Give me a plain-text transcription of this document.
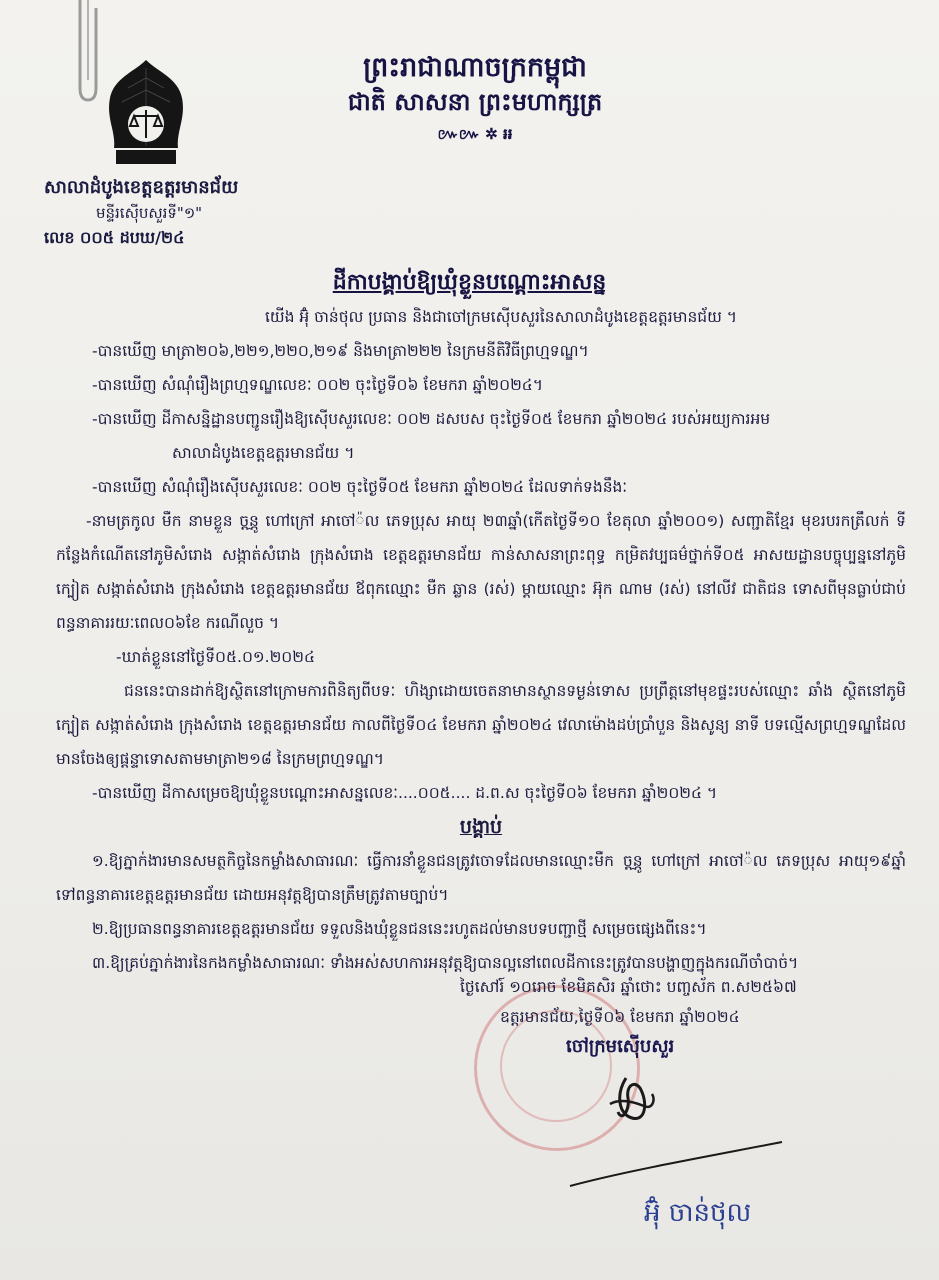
ព្រះរាជាណាចក្រកម្ពុជា
ជាតិ សាសនា ព្រះមហាក្សត្រ
៚៚ ✲ ៛៛
សាលាដំបូងខេត្តឧត្តរមានជ័យ
មន្ទីរស៊ើបសួរទី"១"
លេខ ០០៥ ដបឃ/២៤
ដីកាបង្គាប់ឱ្យឃុំខ្លួនបណ្ដោះអាសន្ន

យើង អ៊ុំ ចាន់ថុល ប្រធាន និងជាចៅក្រមស៊ើបសួរនៃសាលាដំបូងខេត្តឧត្តរមានជ័យ ។

-បានឃើញ មាត្រា២០៦,២២១,២២០,២១៩ និងមាត្រា២២២ នៃក្រមនីតិវិធីព្រហ្មទណ្ឌ។

-បានឃើញ សំណុំរឿងព្រហ្មទណ្ឌលេខៈ ០០២ ចុះថ្ងៃទី០៦ ខែមករា ឆ្នាំ២០២៤។

-បានឃើញ ដីកាសន្និដ្ឋានបញ្ជូនរឿងឱ្យស៊ើបសួរលេខៈ ០០២ ដសបស ចុះថ្ងៃទី០៥ ខែមករា ឆ្នាំ២០២៤ របស់អយ្យការអម

សាលាដំបូងខេត្តឧត្តរមានជ័យ ។

-បានឃើញ សំណុំរឿងស៊ើបសួរលេខៈ ០០២ ចុះថ្ងៃទី០៥ ខែមករា ឆ្នាំ២០២៤ ដែលទាក់ទងនឹងៈ

-នាមត្រកូល មឺក នាមខ្លួន ចន្ណូ ហៅក្រៅ អាចៅ៉ល ភេទប្រុស អាយុ ២៣ឆ្នាំ(កើតថ្ងៃទី១០ ខែតុលា ឆ្នាំ២០០១) សញ្ជាតិខ្មែរ មុខរបរកត្រឹលក់ ទីកន្លែងកំណើតនៅភូមិសំរោង សង្កាត់សំរោង ក្រុងសំរោង ខេត្តឧត្តរមានជ័យ កាន់សាសនាព្រះពុទ្ធ កម្រិតវប្បធម៌ថ្នាក់ទី០៥ អាសយដ្ឋានបច្ចុប្បន្ននៅភូមិក្បៀត សង្កាត់សំរោង ក្រុងសំរោង ខេត្តឧត្តរមានជ័យ ឪពុកឈ្មោះ មឺក ឆ្លាន (រស់) ម្ដាយឈ្មោះ អ៊ុក ណាម (រស់) នៅលីវ ជាតិជន ទោសពីមុនធ្លាប់ជាប់ពន្ធនាគាររយៈពេល០៦ខែ ករណីលួច ។

-ឃាត់ខ្លួននៅថ្ងៃទី០៥.០១.២០២៤

ជននេះបានដាក់ឱ្យស្ថិតនៅក្រោមការពិនិត្យពីបទៈ ហិង្សាដោយចេតនាមានស្ថានទម្ងន់ទោស ប្រព្រឹត្តនៅមុខផ្ទះរបស់ឈ្មោះ ឆាំង ស្ថិតនៅភូមិក្បៀត សង្កាត់សំរោង ក្រុងសំរោង ខេត្តឧត្តរមានជ័យ កាលពីថ្ងៃទី០៤ ខែមករា ឆ្នាំ២០២៤ វេលាម៉ោងដប់ប្រាំបួន និងសូន្យ នាទី បទល្មើសព្រហ្មទណ្ឌដែលមានចែងឲ្យផ្ដន្ទាទោសតាមមាត្រា២១៨ នៃក្រមព្រហ្មទណ្ឌ។

-បានឃើញ ដីកាសម្រេចឱ្យឃុំខ្លួនបណ្ដោះអាសន្នលេខៈ....០០៥.... ដ.ព.ស ចុះថ្ងៃទី០៦ ខែមករា ឆ្នាំ២០២៤ ។

បង្គាប់

១.ឱ្យភ្នាក់ងារមានសមត្ថកិច្ចនៃកម្លាំងសាធារណៈ ធ្វើការនាំខ្លួនជនត្រូវចោទដែលមានឈ្មោះមឺក ចន្ណូ ហៅក្រៅ អាចៅ៉ល ភេទប្រុស អាយុ១៩ឆ្នាំ ទៅពន្ធនាគារខេត្តឧត្តរមានជ័យ ដោយអនុវត្តឱ្យបានត្រឹមត្រូវតាមច្បាប់។

២.ឱ្យប្រធានពន្ធនាគារខេត្តឧត្តរមានជ័យ ទទួលនិងឃុំខ្លួនជននេះរហូតដល់មានបទបញ្ជាថ្មី សម្រេចផ្សេងពីនេះ។

៣.ឱ្យគ្រប់ភ្នាក់ងារនៃកងកម្លាំងសាធារណៈ ទាំងអស់សហការអនុវត្តឱ្យបានល្អនៅពេលដីកានេះត្រូវបានបង្ហាញក្នុងករណីចាំបាច់។

ថ្ងៃសៅរ៍ ១០រោច ខែមិគសិរ ឆ្នាំថោះ បញ្ចស័ក ព.ស២៥៦៧
ឧត្តរមានជ័យ,ថ្ងៃទី០៦ ខែមករា ឆ្នាំ២០២៤
ចៅក្រមស៊ើបសួរ
អ៊ុំ ចាន់ថុល
